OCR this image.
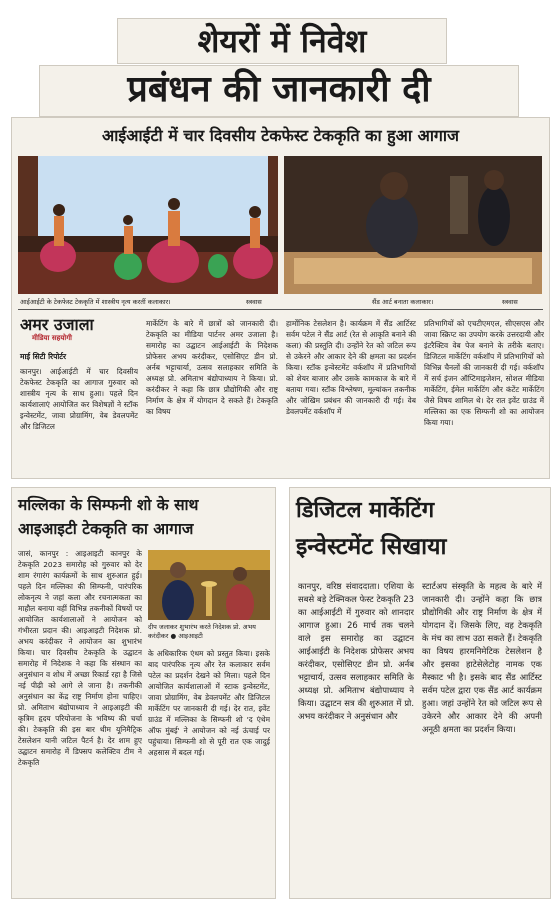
शेयरों में निवेश
प्रबंधन की जानकारी दी
आईआईटी में चार दिवसीय टेकफेस्ट टेककृति का हुआ आगाज
आईआईटी के टेकफेस्ट टेककृति में शास्त्रीय नृत्य करतीं कलाकार।	स्त्रवास	सैंड आर्ट बनाता कलाकार।	स्त्रवास
अमर उजाला
मीडिया सहयोगी
माई सिटी रिपोर्टर
कानपुर। आईआईटी में चार दिवसीय टेकफेस्ट टेककृति का आगाज गुरुवार को शास्त्रीय नृत्य के साथ हुआ। पहले दिन कार्यशालाएं आयोजित कर विशेषज्ञों ने स्टॉक इन्वेस्टमेंट, जावा प्रोग्रामिंग, वेब डेवलपमेंट और डिजिटल
मार्केटिंग के बारे में छात्रों को जानकारी दी। टेककृति का मीडिया पार्टनर अमर उजाला है। समारोह का उद्घाटन आईआईटी के निदेशक प्रोफेसर अभय करंदीकर, एसोसिएट डीन प्रो. अर्नब भट्टाचार्या, उत्सव सलाहकार समिति के अध्यक्ष प्रो. अमिताभ बंद्योपाध्याय ने किया। प्रो. करंदीकर ने कहा कि छात्र प्रौद्योगिकी और राष्ट्र निर्माण के क्षेत्र में योगदान दे सकते हैं। टेककृति का विषय
हार्मोनिक टेसलेशन है। कार्यक्रम में सैंड आर्टिस्ट सर्वम पटेल ने सैंड आर्ट (रेत से आकृति बनाने की कला) की प्रस्तुति दी। उन्होंने रेत को जटिल रूप से उकेरने और आकार देने की क्षमता का प्रदर्शन किया। स्टॉक इन्वेस्टमेंट वर्कशॉप में प्रतिभागियों को शेयर बाजार और उसके कामकाज के बारे में बताया गया। स्टॉक विश्लेषण, मूल्यांकन तकनीक और जोखिम प्रबंधन की जानकारी दी गई। वेब डेवलपमेंट वर्कशॉप में
प्रतिभागियों को एचटीएमएल, सीएसएस और जावा स्क्रिप्ट का उपयोग करके उत्तरदायी और इंटरैक्टिव वेब पेज बनाने के तरीके बताए। डिजिटल मार्केटिंग वर्कशॉप में प्रतिभागियों को विभिन्न चैनलों की जानकारी दी गई। वर्कशॉप में सर्च इंजन ऑप्टिमाइजेशन, सोशल मीडिया मार्केटिंग, ईमेल मार्केटिंग और कंटेंट मार्केटिंग जैसे विषय शामिल थे। देर रात इवेंट ग्राउंड में मल्लिका का एक सिम्फनी शो का आयोजन किया गया।
मल्लिका के सिम्फनी शो के साथ
आइआइटी टेककृति का आगाज
जासं, कानपुर : आइआइटी कानपुर के टेककृति 2023 समारोह को गुरुवार को देर शाम रंगारंग कार्यक्रमों के साथ शुरुआत हुई। पहले दिन मल्लिका की सिम्फनी, पारंपरिक लोकनृत्य ने जहां कला और रचनात्मकता का माहौल बनाया वहीं विभिन्न तकनीकों विषयों पर आयोजित कार्यशालाओं ने आयोजन को गंभीरता प्रदान की। आइआइटी निदेशक प्रो. अभय करंदीकर ने आयोजन का शुभारंभ किया। चार दिवसीय टेककृति के उद्घाटन समारोह में निदेशक ने कहा कि संस्थान का अनुसंधान व शोध में अच्छा रिकार्ड रहा है जिसे नई पीढ़ी को आगे ले जाना है। तकनीकी अनुसंधान का केंद्र राष्ट्र निर्माण होना चाहिए। प्रो. अमिताभ बंद्योपाध्याय ने आइआइटी की कृत्रिम हृदय परियोजना के भविष्य की चर्चा की। टेककृति की इस बार थीम यूनिमैट्रिक टेसलेशन यानी जटिल पैटर्न है। देर शाम हुए उद्घाटन समारोह में डिफ्सप कलेक्टिव टीम ने टेककृति
दीप जलाकर शुभारंभ करते निदेशक प्रो. अभय करंदीकर ● आइआइटी
के अधिकारिक एंथम को प्रस्तुत किया। इसके बाद पारंपरिक नृत्य और रेत कलाकार सर्वम पटेल का प्रदर्शन देखने को मिला। पहले दिन आयोजित कार्यशालाओं में स्टाक इन्वेस्टमेंट, जावा प्रोग्रामिंग, वेब डेवलपमेंट और डिजिटल मार्केटिंग पर जानकारी दी गई। देर रात, इवेंट ग्राउंड में मल्लिका के सिम्फनी शो 'द एंथेम ऑफ मुंबई' ने आयोजन को नई ऊंचाई पर पहुंचाया। सिम्फनी शो से पूरी रात एक जादुई अहसास में बदल गई।
डिजिटल मार्केटिंग
इन्वेस्टमेंट सिखाया
कानपुर, वरिष्ठ संवाददाता। एशिया के सबसे बड़े टेक्निकल फेस्ट टेककृति 23 का आईआईटी में गुरुवार को शानदार आगाज हुआ। 26 मार्च तक चलने वाले इस समारोह का उद्घाटन आईआईटी के निदेशक प्रोफेसर अभय करंदीकर, एसोसिएट डीन प्रो. अर्नब भट्टाचार्य, उत्सव सलाहकार समिति के अध्यक्ष प्रो. अमिताभ बंद्योपाध्याय ने किया। उद्घाटन सत्र की शुरुआत में प्रो. अभय करंदीकर ने अनुसंधान और
स्टार्टअप संस्कृति के महत्व के बारे में जानकारी दी। उन्होंने कहा कि छात्र प्रौद्योगिकी और राष्ट्र निर्माण के क्षेत्र में योगदान दें। जिसके लिए, वह टेककृति के मंच का लाभ उठा सकते हैं। टेककृति का विषय हारमनिमेटिक टेसलेशन है और इसका हाटेसेलेटोह नामक एक मैस्काट भी है। इसके बाद सैंड आर्टिस्ट सर्वम पटेल द्वारा एक सैंड आर्ट कार्यक्रम हुआ। जहां उन्होंने रेत को जटिल रूप से उकेरने और आकार देने की अपनी अनूठी क्षमता का प्रदर्शन किया।
